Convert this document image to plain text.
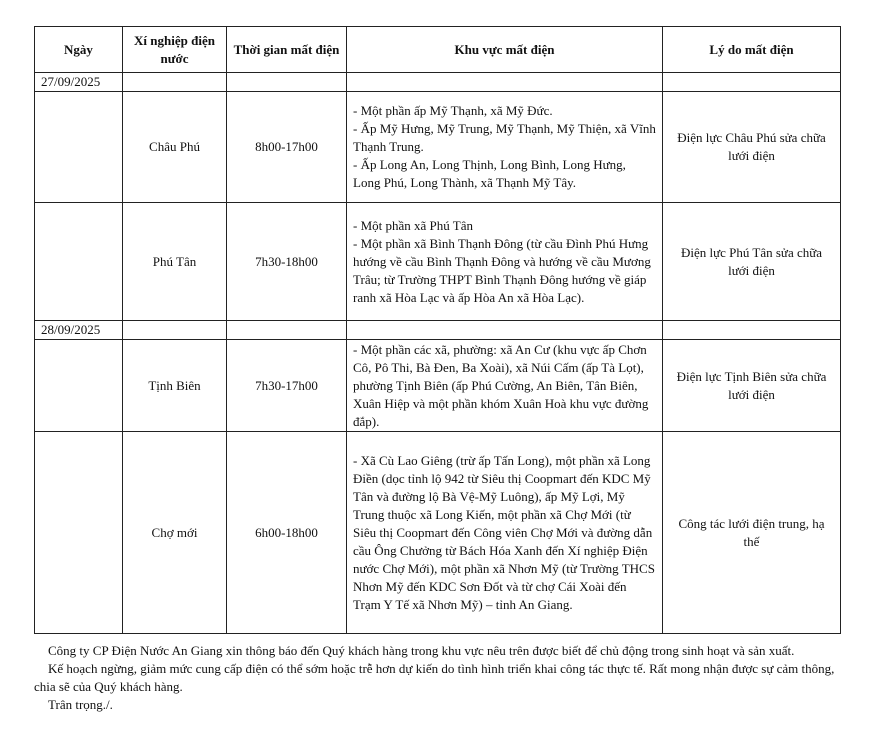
Ngày	Xí nghiệp điện nước	Thời gian mất điện	Khu vực mất điện	Lý do mất điện
27/09/2025				
	Châu Phú	8h00-17h00	- Một phần ấp Mỹ Thạnh, xã Mỹ Đức.
- Ấp Mỹ Hưng, Mỹ Trung, Mỹ Thạnh, Mỹ Thiện, xã Vĩnh Thạnh Trung.
- Ấp Long An, Long Thịnh, Long Bình, Long Hưng, Long Phú, Long Thành, xã Thạnh Mỹ Tây.	Điện lực Châu Phú sửa chữa lưới điện
	Phú Tân	7h30-18h00	- Một phần xã Phú Tân
- Một phần xã Bình Thạnh Đông (từ cầu Đình Phú Hưng hướng về cầu Bình Thạnh Đông và hướng về cầu Mương Trâu; từ Trường THPT Bình Thạnh Đông hướng về giáp ranh xã Hòa Lạc và ấp Hòa An xã Hòa Lạc).	Điện lực Phú Tân sửa chữa lưới điện
28/09/2025				
	Tịnh Biên	7h30-17h00	- Một phần các xã, phường: xã An Cư (khu vực ấp Chơn Cô, Pô Thi, Bà Đen, Ba Xoài), xã Núi Cấm (ấp Tà Lọt), phường Tịnh Biên (ấp Phú Cường, An Biên, Tân Biên, Xuân Hiệp và một phần khóm Xuân Hoà khu vực đường đắp).	Điện lực Tịnh Biên sửa chữa lưới điện
	Chợ mới	6h00-18h00	- Xã Cù Lao Giêng (trừ ấp Tấn Long), một phần xã Long Điền (dọc tỉnh lộ 942 từ Siêu thị Coopmart đến KDC Mỹ Tân và đường lộ Bà Vệ-Mỹ Luông), ấp Mỹ Lợi, Mỹ Trung thuộc xã Long Kiến, một phần xã Chợ Mới (từ Siêu thị Coopmart đến Công viên Chợ Mới và đường dẫn cầu Ông Chưởng từ Bách Hóa Xanh đến Xí nghiệp Điện nước Chợ Mới), một phần xã Nhơn Mỹ (từ Trường THCS Nhơn Mỹ đến KDC Sơn Đốt và từ chợ Cái Xoài đến Trạm Y Tế xã Nhơn Mỹ) – tỉnh An Giang.	Công tác lưới điện trung, hạ thế

Công ty CP Điện Nước An Giang xin thông báo đến Quý khách hàng trong khu vực nêu trên được biết để chủ động trong sinh hoạt và sản xuất.

Kế hoạch ngừng, giảm mức cung cấp điện có thể sớm hoặc trễ hơn dự kiến do tình hình triển khai công tác thực tế. Rất mong nhận được sự cảm thông, chia sẽ của Quý khách hàng.

Trân trọng./.
